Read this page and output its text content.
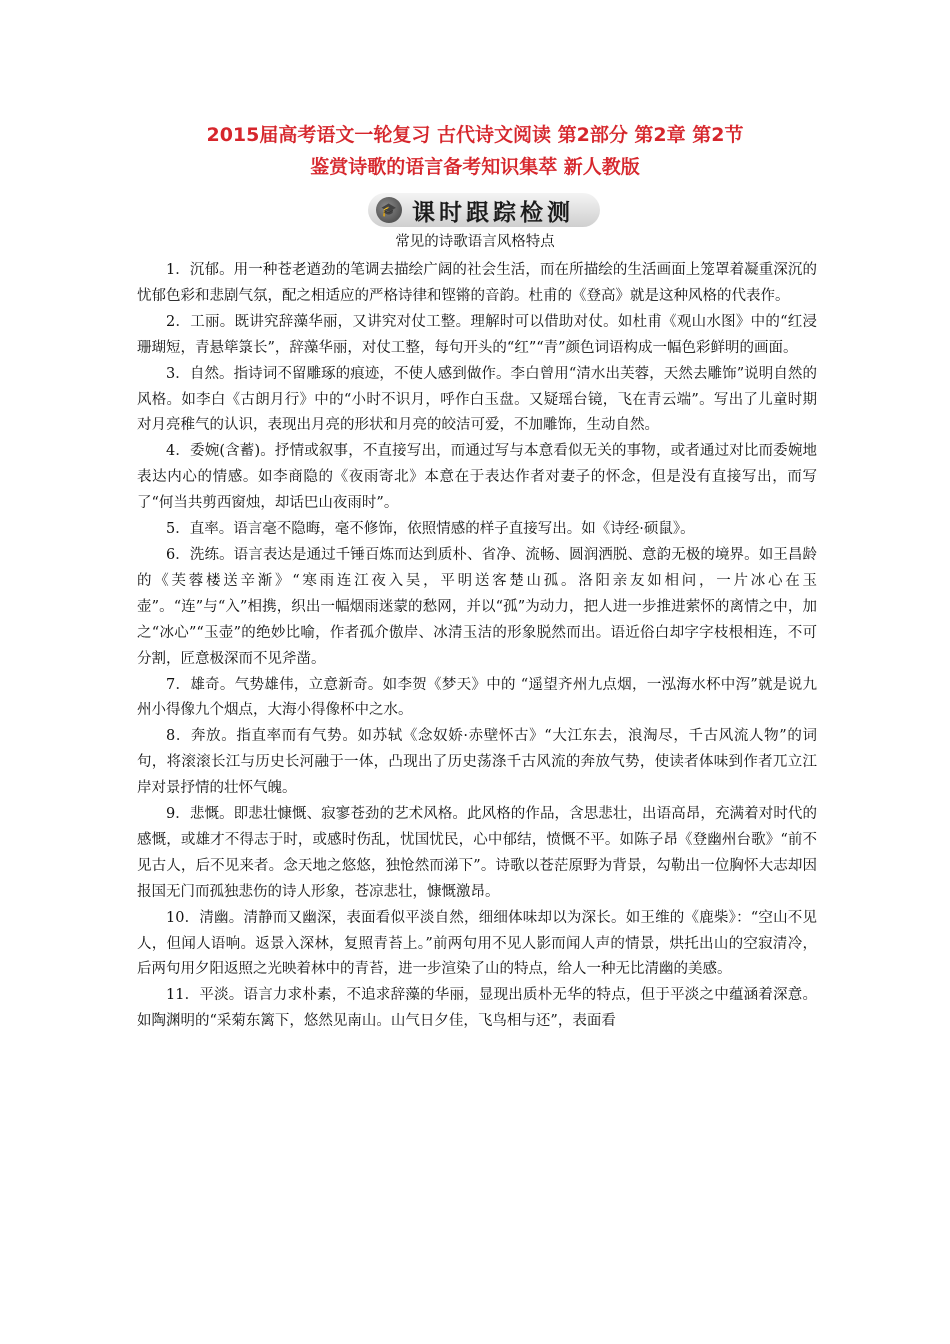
2015届高考语文一轮复习 古代诗文阅读 第2部分 第2章 第2节
鉴赏诗歌的语言备考知识集萃 新人教版
🎓 课时跟踪检测
常见的诗歌语言风格特点

1．沉郁。用一种苍老遒劲的笔调去描绘广阔的社会生活，而在所描绘的生活画面上笼罩着凝重深沉的忧郁色彩和悲剧气氛，配之相适应的严格诗律和铿锵的音韵。杜甫的《登高》就是这种风格的代表作。

2．工丽。既讲究辞藻华丽，又讲究对仗工整。理解时可以借助对仗。如杜甫《观山水图》中的“红浸珊瑚短，青悬筚箓长”，辞藻华丽，对仗工整，每句开头的“红”“青”颜色词语构成一幅色彩鲜明的画面。

3．自然。指诗词不留雕琢的痕迹，不使人感到做作。李白曾用“清水出芙蓉，天然去雕饰”说明自然的风格。如李白《古朗月行》中的“小时不识月，呼作白玉盘。又疑瑶台镜，飞在青云端”。写出了儿童时期对月亮稚气的认识，表现出月亮的形状和月亮的皎洁可爱，不加雕饰，生动自然。

4．委婉(含蓄)。抒情或叙事，不直接写出，而通过写与本意看似无关的事物，或者通过对比而委婉地表达内心的情感。如李商隐的《夜雨寄北》本意在于表达作者对妻子的怀念，但是没有直接写出，而写了“何当共剪西窗烛，却话巴山夜雨时”。

5．直率。语言毫不隐晦，毫不修饰，依照情感的样子直接写出。如《诗经·硕鼠》。

6．洗练。语言表达是通过千锤百炼而达到质朴、省净、流畅、圆润洒脱、意韵无极的境界。如王昌龄的《芙蓉楼送辛渐》“寒雨连江夜入吴，平明送客楚山孤。洛阳亲友如相问，一片冰心在玉壶”。“连”与“入”相携，织出一幅烟雨迷蒙的愁网，并以“孤”为动力，把人进一步推进萦怀的离情之中，加之“冰心”“玉壶”的绝妙比喻，作者孤介傲岸、冰清玉洁的形象脱然而出。语近俗白却字字枝根相连，不可分割，匠意极深而不见斧凿。

7．雄奇。气势雄伟，立意新奇。如李贺《梦天》中的 “遥望齐州九点烟，一泓海水杯中泻”就是说九州小得像九个烟点，大海小得像杯中之水。

8．奔放。指直率而有气势。如苏轼《念奴娇·赤壁怀古》“大江东去，浪淘尽，千古风流人物”的词句，将滚滚长江与历史长河融于一体，凸现出了历史荡涤千古风流的奔放气势，使读者体味到作者兀立江岸对景抒情的壮怀气魄。

9．悲慨。即悲壮慷慨、寂寥苍劲的艺术风格。此风格的作品，含思悲壮，出语高昂，充满着对时代的感慨，或雄才不得志于时，或感时伤乱，忧国忧民，心中郁结，愤慨不平。如陈子昂《登幽州台歌》“前不见古人，后不见来者。念天地之悠悠，独怆然而涕下”。诗歌以苍茫原野为背景，勾勒出一位胸怀大志却因报国无门而孤独悲伤的诗人形象，苍凉悲壮，慷慨激昂。

10．清幽。清静而又幽深，表面看似平淡自然，细细体味却以为深长。如王维的《鹿柴》：“空山不见人，但闻人语响。返景入深林，复照青苔上。”前两句用不见人影而闻人声的情景，烘托出山的空寂清冷，后两句用夕阳返照之光映着林中的青苔，进一步渲染了山的特点，给人一种无比清幽的美感。

11．平淡。语言力求朴素，不追求辞藻的华丽，显现出质朴无华的特点，但于平淡之中蕴涵着深意。如陶渊明的“采菊东篱下，悠然见南山。山气日夕佳，飞鸟相与还”，表面看
